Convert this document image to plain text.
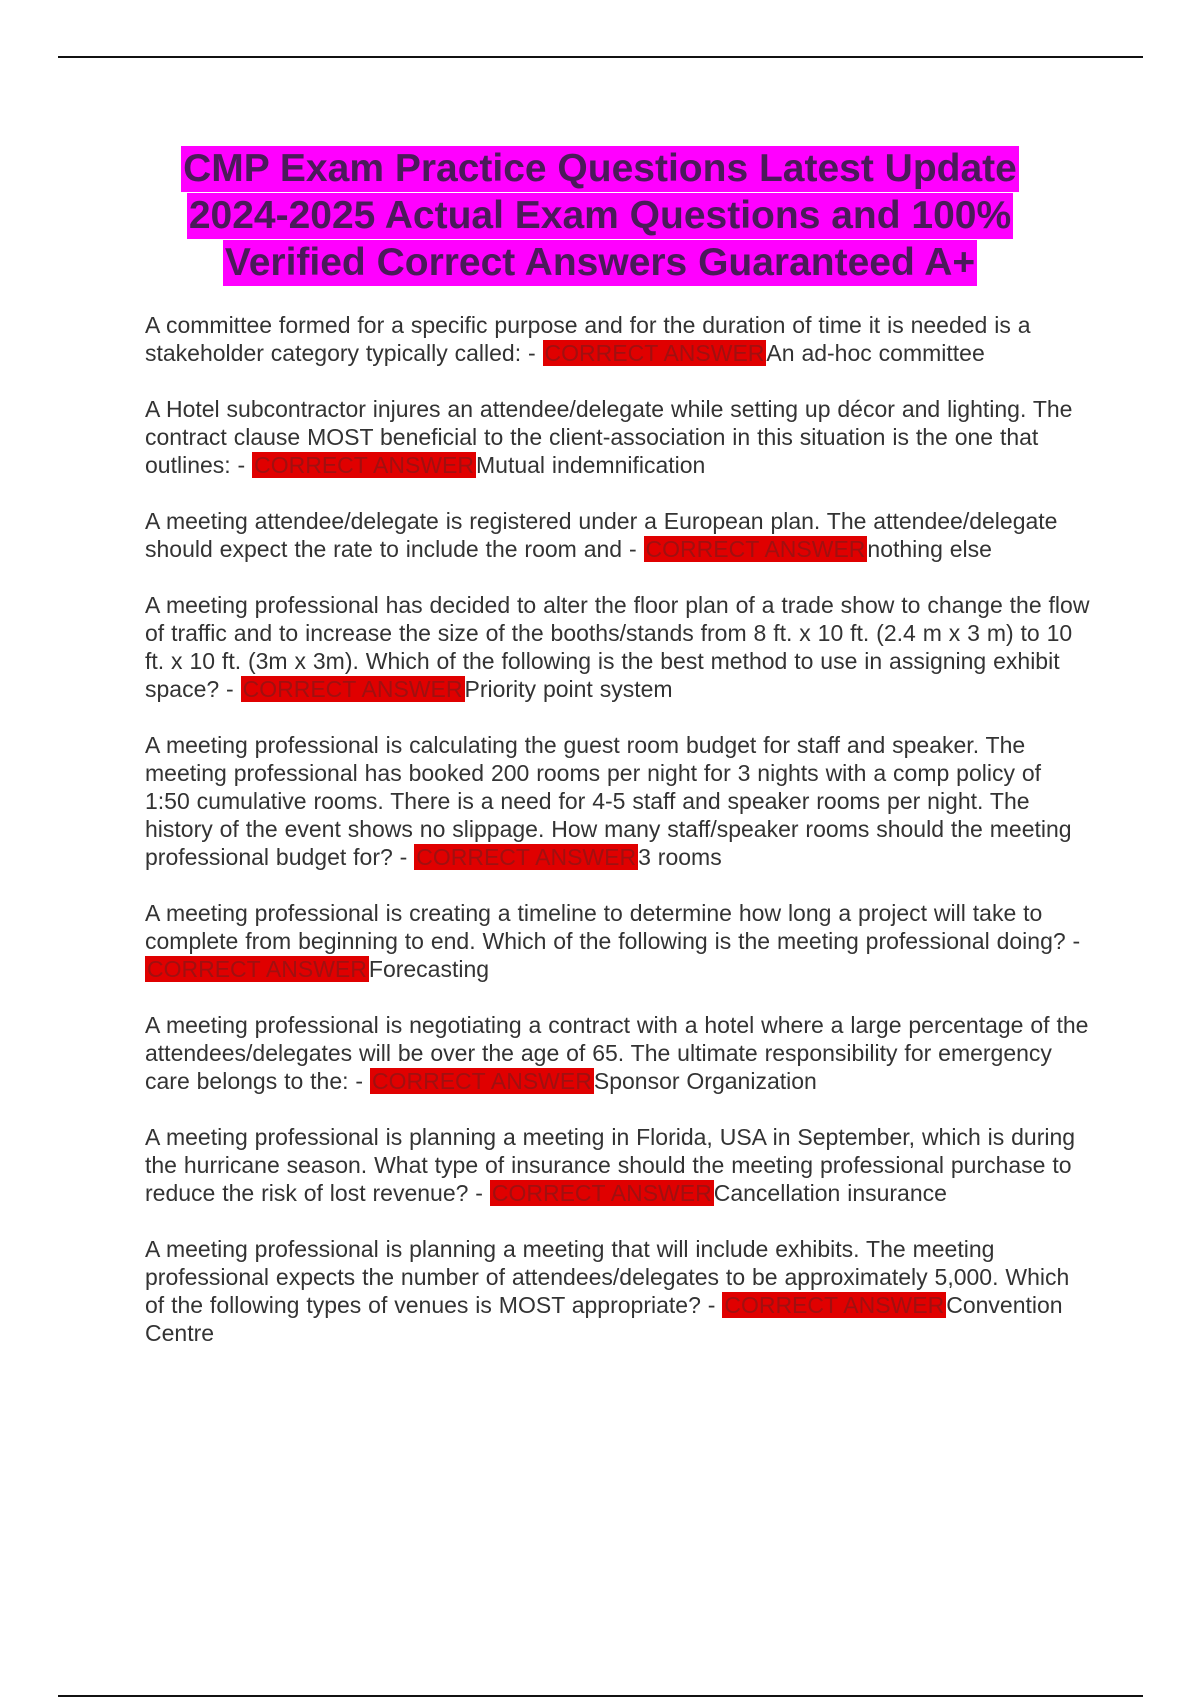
CMP Exam Practice Questions Latest Update
2024-2025 Actual Exam Questions and 100%
Verified Correct Answers Guaranteed A+

A committee formed for a specific purpose and for the duration of time it is needed is a stakeholder category typically called: - CORRECT ANSWERAn ad-hoc committee

A Hotel subcontractor injures an attendee/delegate while setting up décor and lighting. The contract clause MOST beneficial to the client-association in this situation is the one that outlines: - CORRECT ANSWERMutual indemnification

A meeting attendee/delegate is registered under a European plan. The attendee/delegate should expect the rate to include the room and - CORRECT ANSWERnothing else

A meeting professional has decided to alter the floor plan of a trade show to change the flow of traffic and to increase the size of the booths/stands from 8 ft. x 10 ft. (2.4 m x 3 m) to 10 ft. x 10 ft. (3m x 3m). Which of the following is the best method to use in assigning exhibit space? - CORRECT ANSWERPriority point system

A meeting professional is calculating the guest room budget for staff and speaker. The meeting professional has booked 200 rooms per night for 3 nights with a comp policy of 1:50 cumulative rooms. There is a need for 4-5 staff and speaker rooms per night. The history of the event shows no slippage. How many staff/speaker rooms should the meeting professional budget for? - CORRECT ANSWER3 rooms

A meeting professional is creating a timeline to determine how long a project will take to complete from beginning to end. Which of the following is the meeting professional doing? - CORRECT ANSWERForecasting

A meeting professional is negotiating a contract with a hotel where a large percentage of the attendees/delegates will be over the age of 65. The ultimate responsibility for emergency care belongs to the: - CORRECT ANSWERSponsor Organization

A meeting professional is planning a meeting in Florida, USA in September, which is during the hurricane season. What type of insurance should the meeting professional purchase to reduce the risk of lost revenue? - CORRECT ANSWERCancellation insurance

A meeting professional is planning a meeting that will include exhibits. The meeting professional expects the number of attendees/delegates to be approximately 5,000. Which of the following types of venues is MOST appropriate? - CORRECT ANSWERConvention Centre
